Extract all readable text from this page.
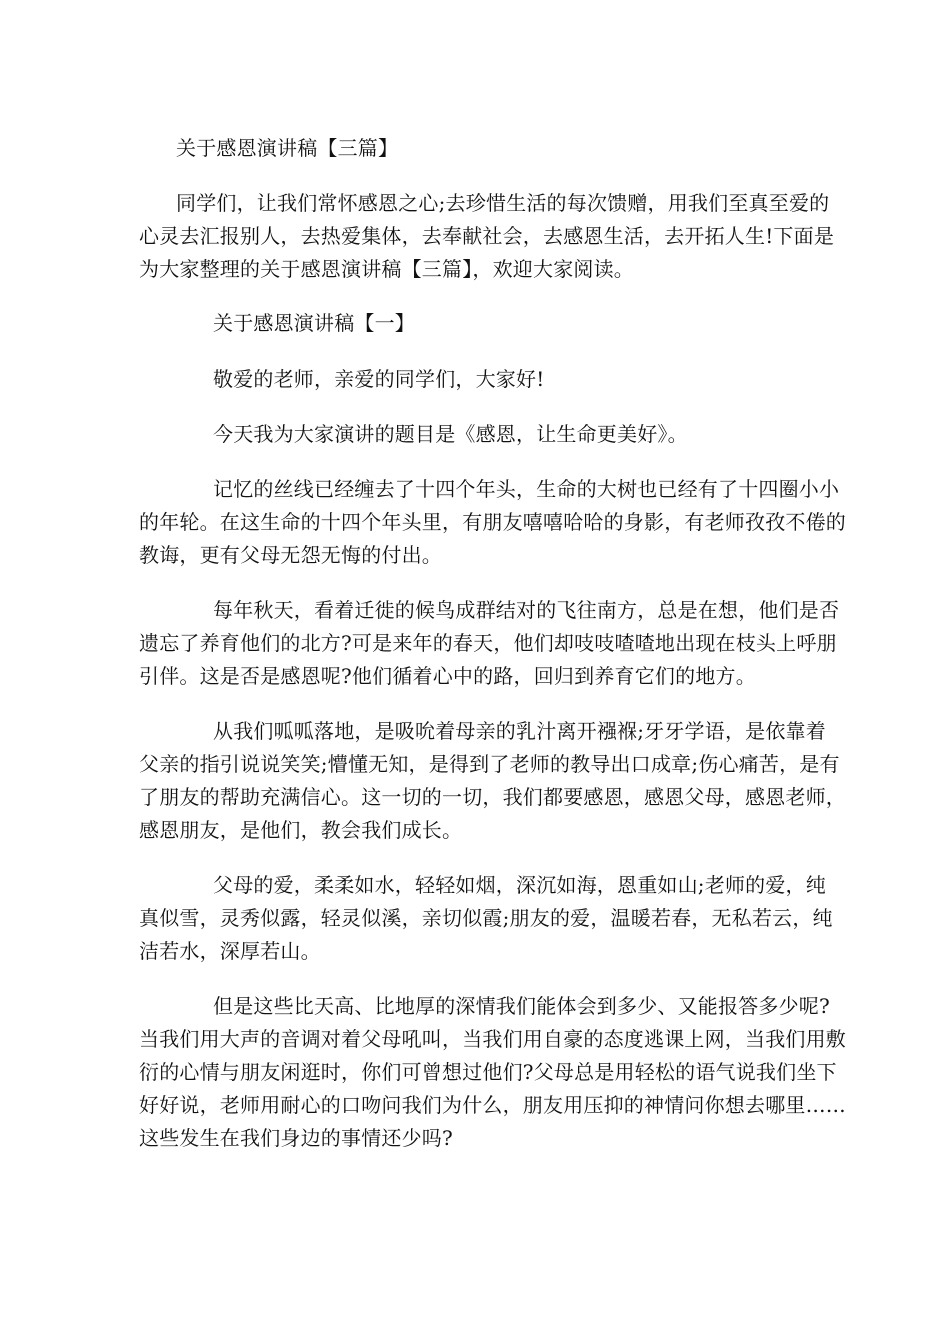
关于感恩演讲稿【三篇】
同学们，让我们常怀感恩之心;去珍惜生活的每次馈赠，用我们至真至爱的
心灵去汇报别人，去热爱集体，去奉献社会，去感恩生活，去开拓人生!下面是
为大家整理的关于感恩演讲稿【三篇】，欢迎大家阅读。
关于感恩演讲稿【一】
敬爱的老师，亲爱的同学们，大家好!
今天我为大家演讲的题目是《感恩，让生命更美好》。
记忆的丝线已经缠去了十四个年头，生命的大树也已经有了十四圈小小
的年轮。在这生命的十四个年头里，有朋友嘻嘻哈哈的身影，有老师孜孜不倦的
教诲，更有父母无怨无悔的付出。
每年秋天，看着迁徙的候鸟成群结对的飞往南方，总是在想，他们是否
遗忘了养育他们的北方?可是来年的春天，他们却吱吱喳喳地出现在枝头上呼朋
引伴。这是否是感恩呢?他们循着心中的路，回归到养育它们的地方。
从我们呱呱落地，是吸吮着母亲的乳汁离开襁褓;牙牙学语，是依靠着
父亲的指引说说笑笑;懵懂无知，是得到了老师的教导出口成章;伤心痛苦，是有
了朋友的帮助充满信心。这一切的一切，我们都要感恩，感恩父母，感恩老师，
感恩朋友，是他们，教会我们成长。
父母的爱，柔柔如水，轻轻如烟，深沉如海，恩重如山;老师的爱，纯
真似雪，灵秀似露，轻灵似溪，亲切似霞;朋友的爱，温暖若春，无私若云，纯
洁若水，深厚若山。
但是这些比天高、比地厚的深情我们能体会到多少、又能报答多少呢?
当我们用大声的音调对着父母吼叫，当我们用自豪的态度逃课上网，当我们用敷
衍的心情与朋友闲逛时，你们可曾想过他们?父母总是用轻松的语气说我们坐下
好好说，老师用耐心的口吻问我们为什么，朋友用压抑的神情问你想去哪里……
这些发生在我们身边的事情还少吗?
